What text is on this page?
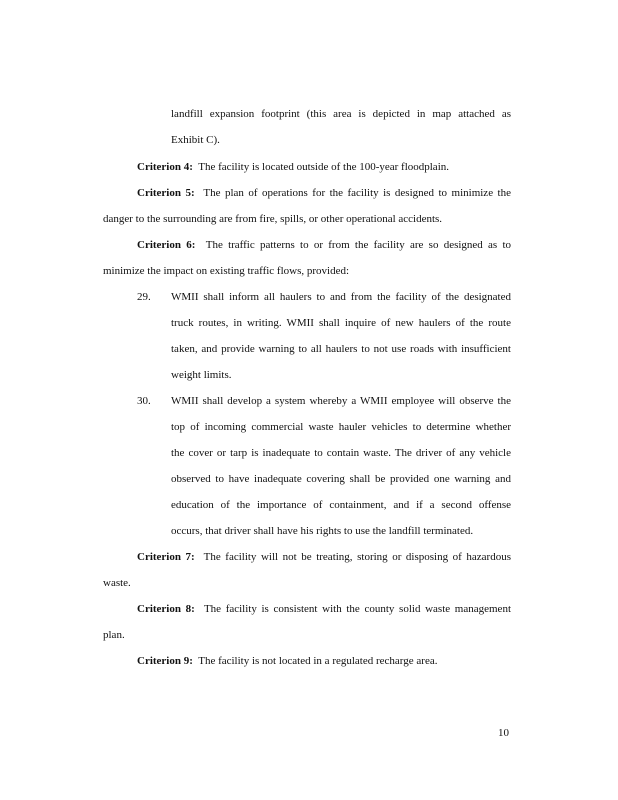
landfill expansion footprint (this area is depicted in map attached as
Exhibit C).
Criterion 4: The facility is located outside of the 100-year floodplain.
Criterion 5: The plan of operations for the facility is designed to minimize the
danger to the surrounding are from fire, spills, or other operational accidents.
Criterion 6: The traffic patterns to or from the facility are so designed as to
minimize the impact on existing traffic flows, provided:
29. WMII shall inform all haulers to and from the facility of the designated
truck routes, in writing. WMII shall inquire of new haulers of the route
taken, and provide warning to all haulers to not use roads with insufficient
weight limits.
30. WMII shall develop a system whereby a WMII employee will observe the
top of incoming commercial waste hauler vehicles to determine whether
the cover or tarp is inadequate to contain waste. The driver of any vehicle
observed to have inadequate covering shall be provided one warning and
education of the importance of containment, and if a second offense
occurs, that driver shall have his rights to use the landfill terminated.
Criterion 7: The facility will not be treating, storing or disposing of hazardous
waste.
Criterion 8: The facility is consistent with the county solid waste management
plan.
Criterion 9: The facility is not located in a regulated recharge area.
10
